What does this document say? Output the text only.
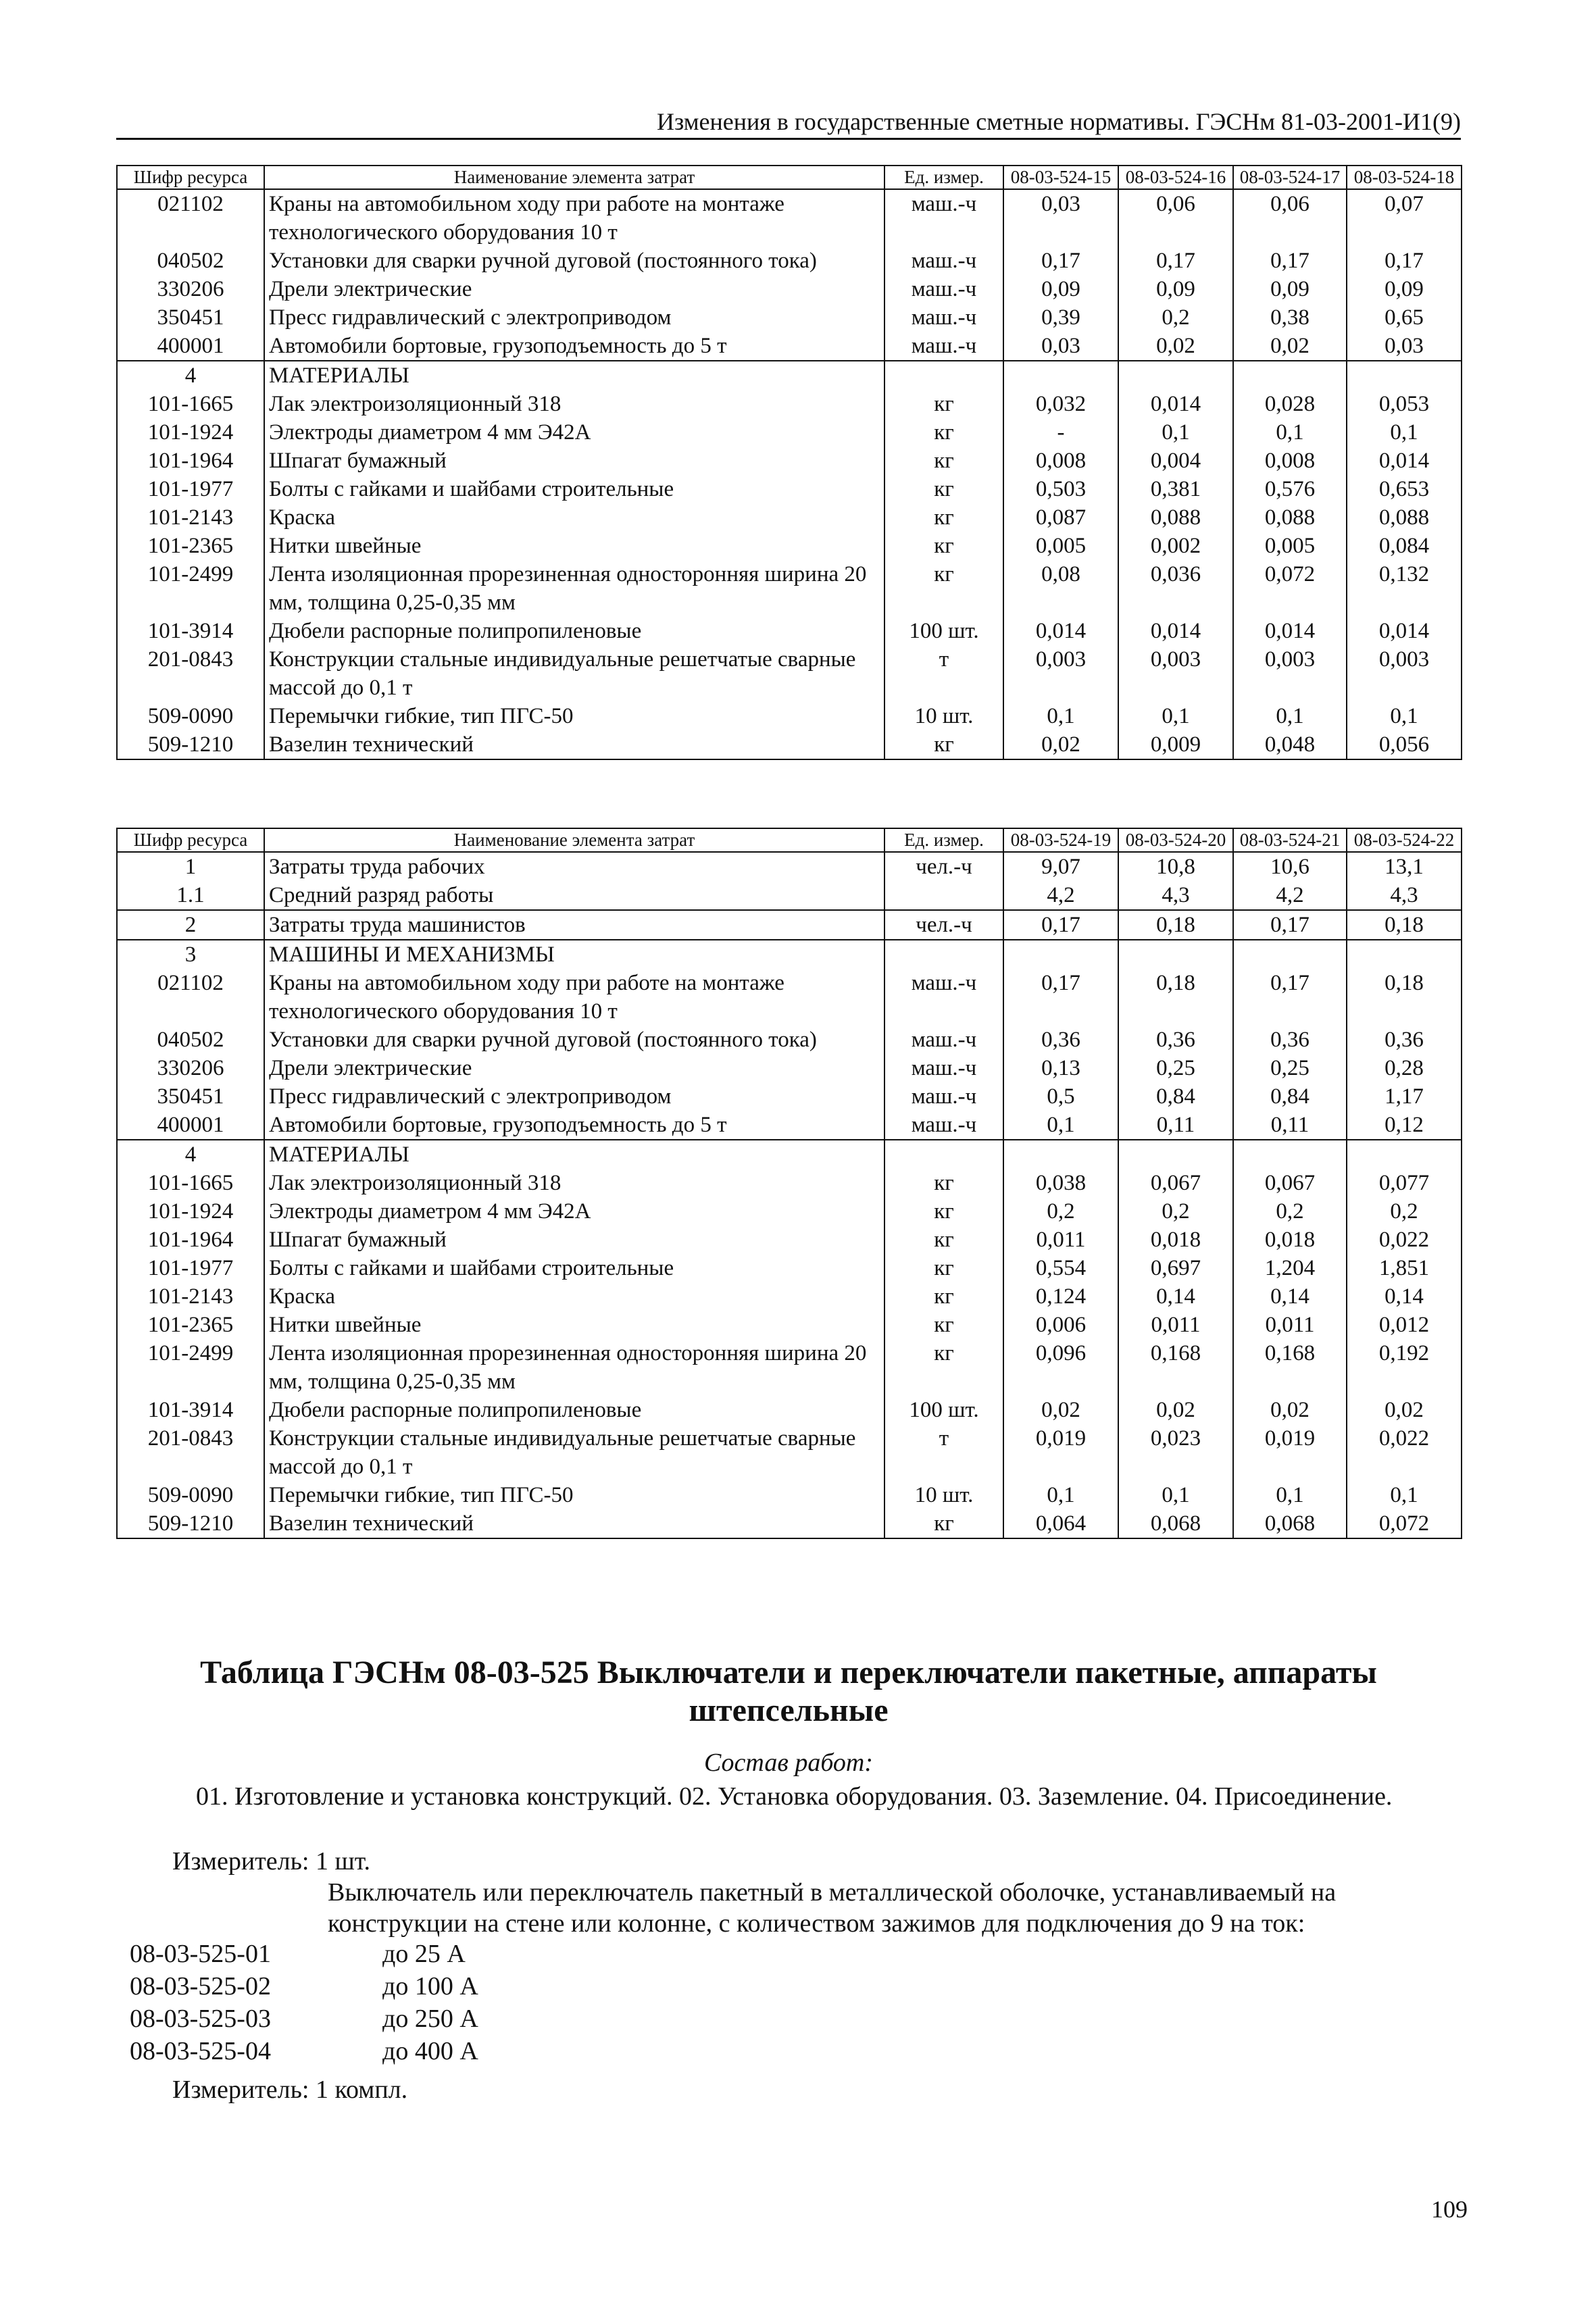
Изменения в государственные сметные нормативы. ГЭСНм 81-03-2001-И1(9)
Шифр ресурса	Наименование элемента затрат	Ед. измер.	08-03-524-15	08-03-524-16	08-03-524-17	08-03-524-18
021102	Краны на автомобильном ходу при работе на монтаже технологического оборудования 10 т	маш.-ч	0,03	0,06	0,06	0,07
040502	Установки для сварки ручной дуговой (постоянного тока)	маш.-ч	0,17	0,17	0,17	0,17
330206	Дрели электрические	маш.-ч	0,09	0,09	0,09	0,09
350451	Пресс гидравлический с электроприводом	маш.-ч	0,39	0,2	0,38	0,65
400001	Автомобили бортовые, грузоподъемность до 5 т	маш.-ч	0,03	0,02	0,02	0,03
4	МАТЕРИАЛЫ					
101-1665	Лак электроизоляционный 318	кг	0,032	0,014	0,028	0,053
101-1924	Электроды диаметром 4 мм Э42А	кг	-	0,1	0,1	0,1
101-1964	Шпагат бумажный	кг	0,008	0,004	0,008	0,014
101-1977	Болты с гайками и шайбами строительные	кг	0,503	0,381	0,576	0,653
101-2143	Краска	кг	0,087	0,088	0,088	0,088
101-2365	Нитки швейные	кг	0,005	0,002	0,005	0,084
101-2499	Лента изоляционная прорезиненная односторонняя ширина 20 мм, толщина 0,25-0,35 мм	кг	0,08	0,036	0,072	0,132
101-3914	Дюбели распорные полипропиленовые	100 шт.	0,014	0,014	0,014	0,014
201-0843	Конструкции стальные индивидуальные решетчатые сварные массой до 0,1 т	т	0,003	0,003	0,003	0,003
509-0090	Перемычки гибкие, тип ПГС-50	10 шт.	0,1	0,1	0,1	0,1
509-1210	Вазелин технический	кг	0,02	0,009	0,048	0,056
Шифр ресурса	Наименование элемента затрат	Ед. измер.	08-03-524-19	08-03-524-20	08-03-524-21	08-03-524-22
1	Затраты труда рабочих	чел.-ч	9,07	10,8	10,6	13,1
1.1	Средний разряд работы		4,2	4,3	4,2	4,3
2	Затраты труда машинистов	чел.-ч	0,17	0,18	0,17	0,18
3	МАШИНЫ И МЕХАНИЗМЫ					
021102	Краны на автомобильном ходу при работе на монтаже технологического оборудования 10 т	маш.-ч	0,17	0,18	0,17	0,18
040502	Установки для сварки ручной дуговой (постоянного тока)	маш.-ч	0,36	0,36	0,36	0,36
330206	Дрели электрические	маш.-ч	0,13	0,25	0,25	0,28
350451	Пресс гидравлический с электроприводом	маш.-ч	0,5	0,84	0,84	1,17
400001	Автомобили бортовые, грузоподъемность до 5 т	маш.-ч	0,1	0,11	0,11	0,12
4	МАТЕРИАЛЫ					
101-1665	Лак электроизоляционный 318	кг	0,038	0,067	0,067	0,077
101-1924	Электроды диаметром 4 мм Э42А	кг	0,2	0,2	0,2	0,2
101-1964	Шпагат бумажный	кг	0,011	0,018	0,018	0,022
101-1977	Болты с гайками и шайбами строительные	кг	0,554	0,697	1,204	1,851
101-2143	Краска	кг	0,124	0,14	0,14	0,14
101-2365	Нитки швейные	кг	0,006	0,011	0,011	0,012
101-2499	Лента изоляционная прорезиненная односторонняя ширина 20 мм, толщина 0,25-0,35 мм	кг	0,096	0,168	0,168	0,192
101-3914	Дюбели распорные полипропиленовые	100 шт.	0,02	0,02	0,02	0,02
201-0843	Конструкции стальные индивидуальные решетчатые сварные массой до 0,1 т	т	0,019	0,023	0,019	0,022
509-0090	Перемычки гибкие, тип ПГС-50	10 шт.	0,1	0,1	0,1	0,1
509-1210	Вазелин технический	кг	0,064	0,068	0,068	0,072
Таблица ГЭСНм 08-03-525 Выключатели и переключатели пакетные, аппараты
штепсельные
Состав работ:
01. Изготовление и установка конструкций. 02. Установка оборудования. 03. Заземление. 04. Присоединение.
Измеритель: 1 шт.
Выключатель или переключатель пакетный в металлической оболочке, устанавливаемый на конструкции на стене или колонне, с количеством зажимов для подключения до 9 на ток:
08-03-525-01	до 25 А
08-03-525-02	до 100 А
08-03-525-03	до 250 А
08-03-525-04	до 400 А
Измеритель: 1 компл.
109
